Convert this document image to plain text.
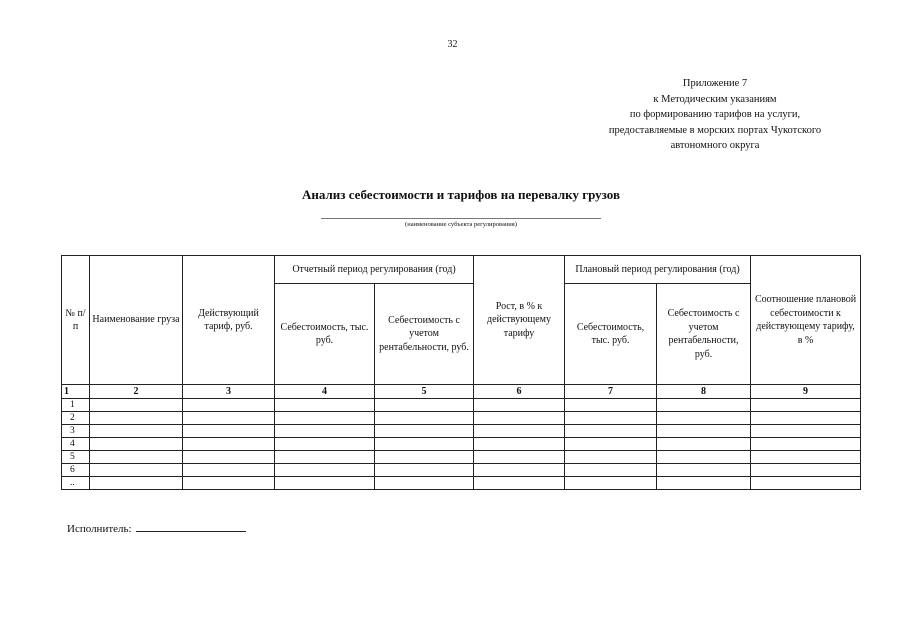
32
Приложение 7
к Методическим указаниям
по формированию тарифов на услуги,
предоставляемые в морских портах Чукотского
автономного округа
Анализ себестоимости и тарифов на перевалку грузов
(наименование субъекта регулирования)
№ п/п	Наименование груза	Действующий тариф, руб.	Отчетный период регулирования (год)		Рост, в % к действующему тарифу	Плановый период регулирования (год)		Соотношение плановой себестоимости к действующему тарифу, в %
			Себестоимость, тыс. руб.	Себестоимость с учетом рентабельности, руб.		Себестоимость, тыс. руб.	Себестоимость с учетом рентабельности, руб.	
1	2	3	4	5	6	7	8	9
1								
2								
3								
4								
5								
6								
..								
Исполнитель:
